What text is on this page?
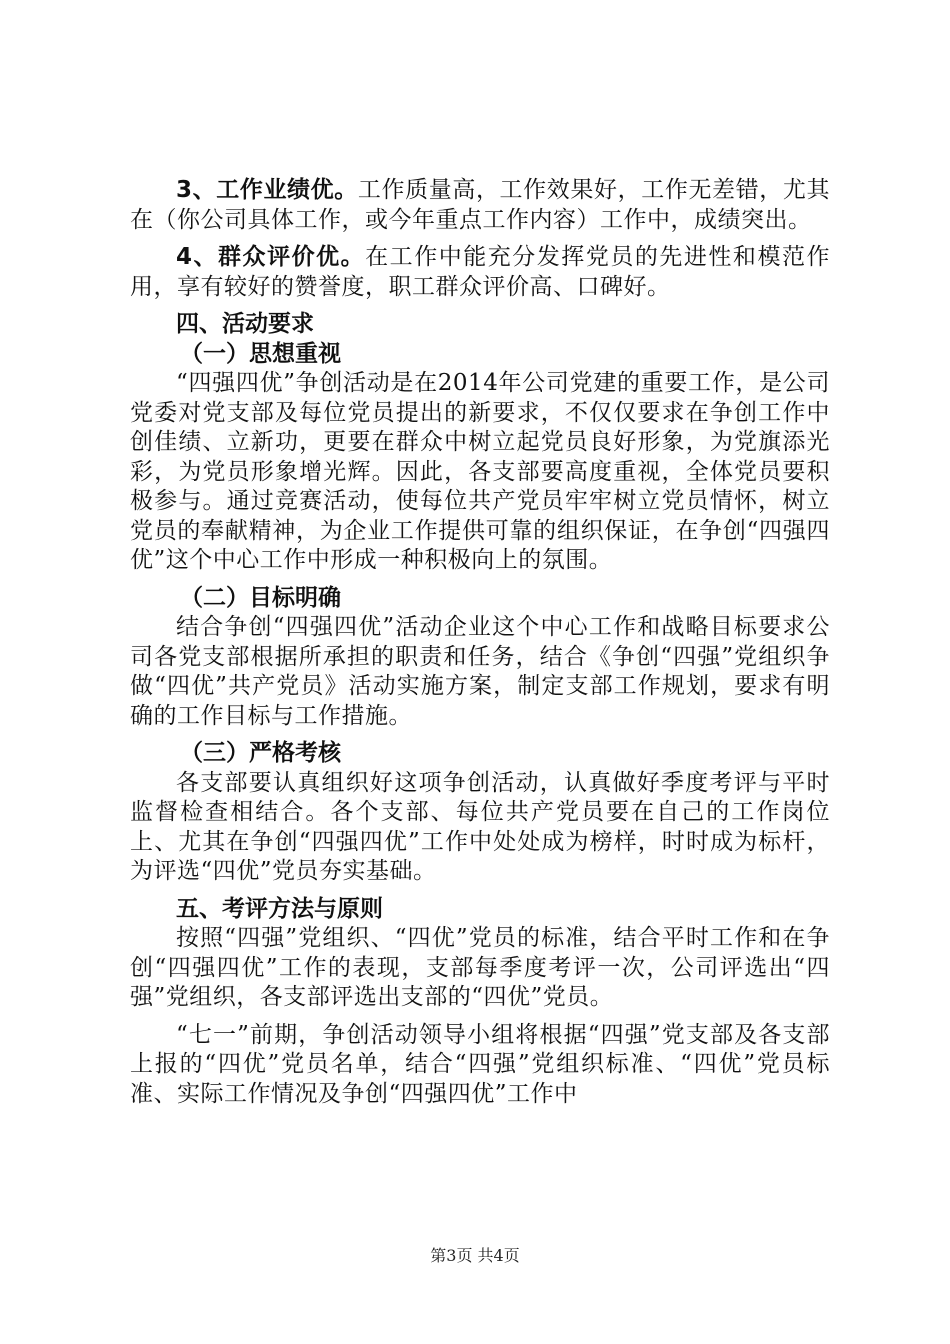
3、工作业绩优。工作质量高，工作效果好，工作无差错，尤其在（你公司具体工作，或今年重点工作内容）工作中，成绩突出。

4、群众评价优。在工作中能充分发挥党员的先进性和模范作用，享有较好的赞誉度，职工群众评价高、口碑好。

四、活动要求

（一）思想重视

“四强四优”争创活动是在2014年公司党建的重要工作，是公司党委对党支部及每位党员提出的新要求，不仅仅要求在争创工作中创佳绩、立新功，更要在群众中树立起党员良好形象，为党旗添光彩，为党员形象增光辉。因此，各支部要高度重视，全体党员要积极参与。通过竞赛活动，使每位共产党员牢牢树立党员情怀，树立党员的奉献精神，为企业工作提供可靠的组织保证，在争创“四强四优”这个中心工作中形成一种积极向上的氛围。

（二）目标明确

结合争创“四强四优”活动企业这个中心工作和战略目标要求公司各党支部根据所承担的职责和任务，结合《争创“四强”党组织争做“四优”共产党员》活动实施方案，制定支部工作规划，要求有明确的工作目标与工作措施。

（三）严格考核

各支部要认真组织好这项争创活动，认真做好季度考评与平时监督检查相结合。各个支部、每位共产党员要在自己的工作岗位上、尤其在争创“四强四优”工作中处处成为榜样，时时成为标杆，为评选“四优”党员夯实基础。

五、考评方法与原则

按照“四强”党组织、“四优”党员的标准，结合平时工作和在争创“四强四优”工作的表现，支部每季度考评一次，公司评选出“四强”党组织，各支部评选出支部的“四优”党员。

“七一”前期，争创活动领导小组将根据“四强”党支部及各支部上报的“四优”党员名单，结合“四强”党组织标准、“四优”党员标准、实际工作情况及争创“四强四优”工作中

第3页 共4页
